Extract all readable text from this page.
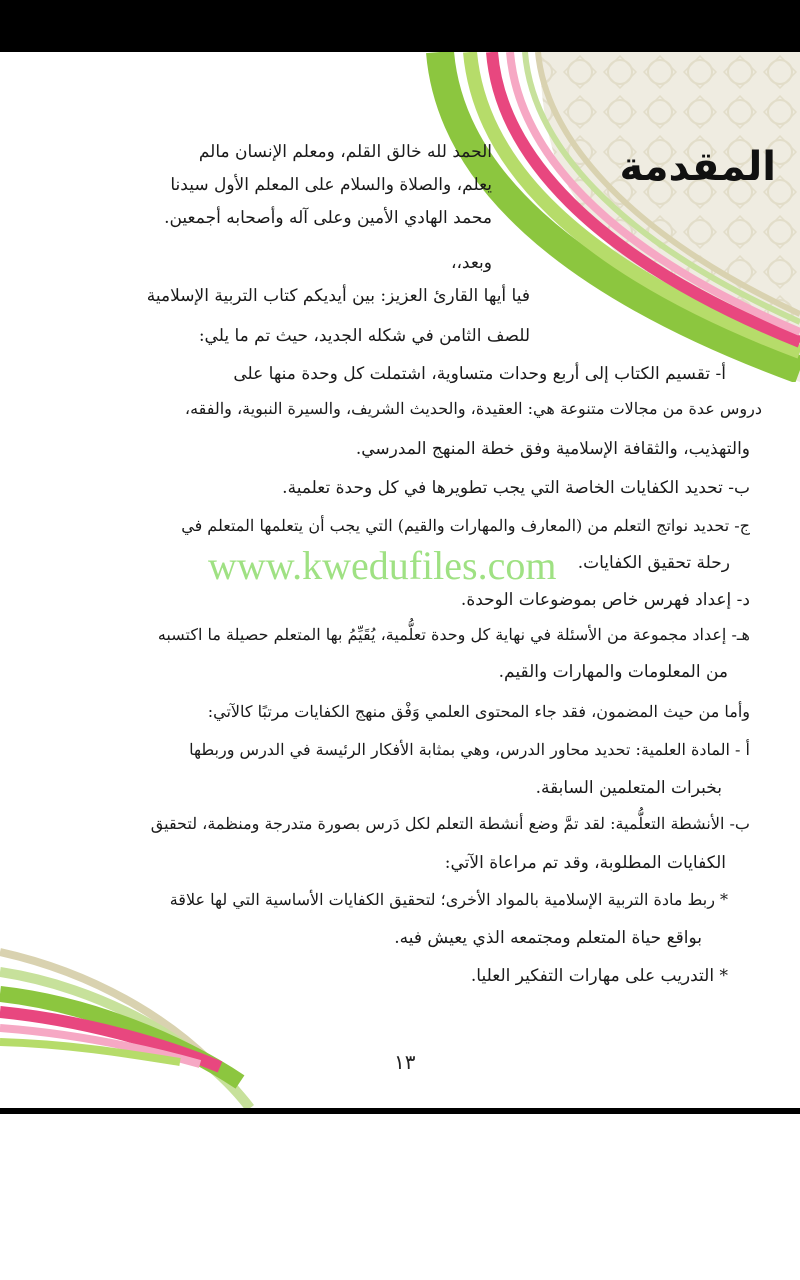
المقدمة
الحمد لله خالق القلم، ومعلم الإنسان مالم
يعلم، والصلاة والسلام على المعلم الأول سيدنا
محمد الهادي الأمين وعلى آله وأصحابه أجمعين.
وبعد،،
فيا أيها القارئ العزيز: بين أيديكم كتاب التربية الإسلامية
للصف الثامن في شكله الجديد، حيث تم ما يلي:
أ- تقسيم الكتاب إلى أربع وحدات متساوية، اشتملت كل وحدة منها على
دروس عدة من مجالات متنوعة هي: العقيدة، والحديث الشريف، والسيرة النبوية، والفقه،
والتهذيب، والثقافة الإسلامية وفق خطة المنهج المدرسي.
ب- تحديد الكفايات الخاصة التي يجب تطويرها في كل وحدة تعلمية.
ج- تحديد نواتج التعلم من (المعارف والمهارات والقيم) التي يجب أن يتعلمها المتعلم في
رحلة تحقيق الكفايات.
د- إعداد فهرس خاص بموضوعات الوحدة.
هـ- إعداد مجموعة من الأسئلة في نهاية كل وحدة تعلُّمية، يُقَيِّمُ بها المتعلم حصيلة ما اكتسبه
من المعلومات والمهارات والقيم.
وأما من حيث المضمون، فقد جاء المحتوى العلمي وَفْق منهج الكفايات مرتبًا كالآتي:
أ - المادة العلمية: تحديد محاور الدرس، وهي بمثابة الأفكار الرئيسة في الدرس وربطها
بخبرات المتعلمين السابقة.
ب- الأنشطة التعلُّمية: لقد تمَّ وضع أنشطة التعلم لكل دَرس بصورة متدرجة ومنظمة، لتحقيق
الكفايات المطلوبة، وقد تم مراعاة الآتي:
* ربط مادة التربية الإسلامية بالمواد الأخرى؛ لتحقيق الكفايات الأساسية التي لها علاقة
بواقع حياة المتعلم ومجتمعه الذي يعيش فيه.
* التدريب على مهارات التفكير العليا.
www.kwedufiles.com
١٣
